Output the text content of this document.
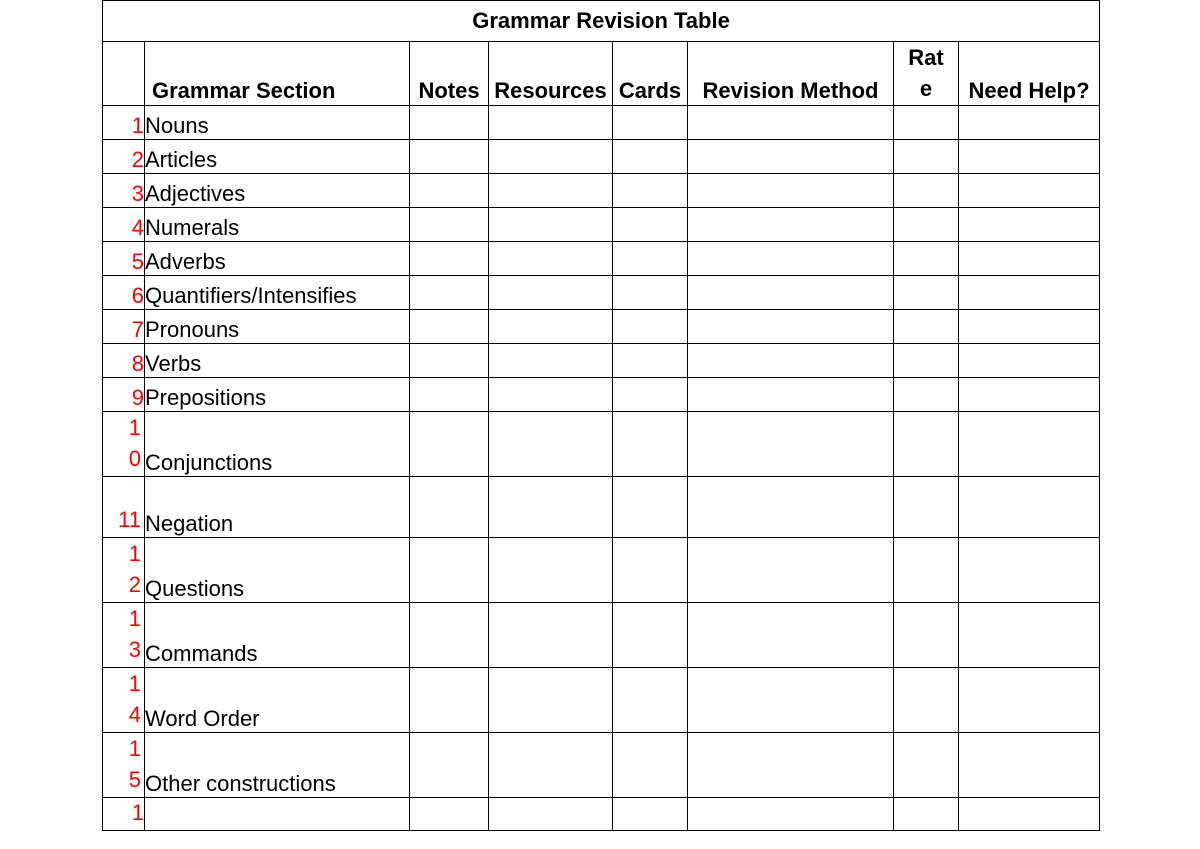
Grammar Revision Table							
	Grammar Section	Notes	Resources	Cards	Revision Method	Rate	Need Help?
1	Nouns						
2	Articles						
3	Adjectives						
4	Numerals						
5	Adverbs						
6	Quantifiers/Intensifies						
7	Pronouns						
8	Verbs						
9	Prepositions						
10	Conjunctions						
11	Negation						
12	Questions						
13	Commands						
14	Word Order						
15	Other constructions						
1							
